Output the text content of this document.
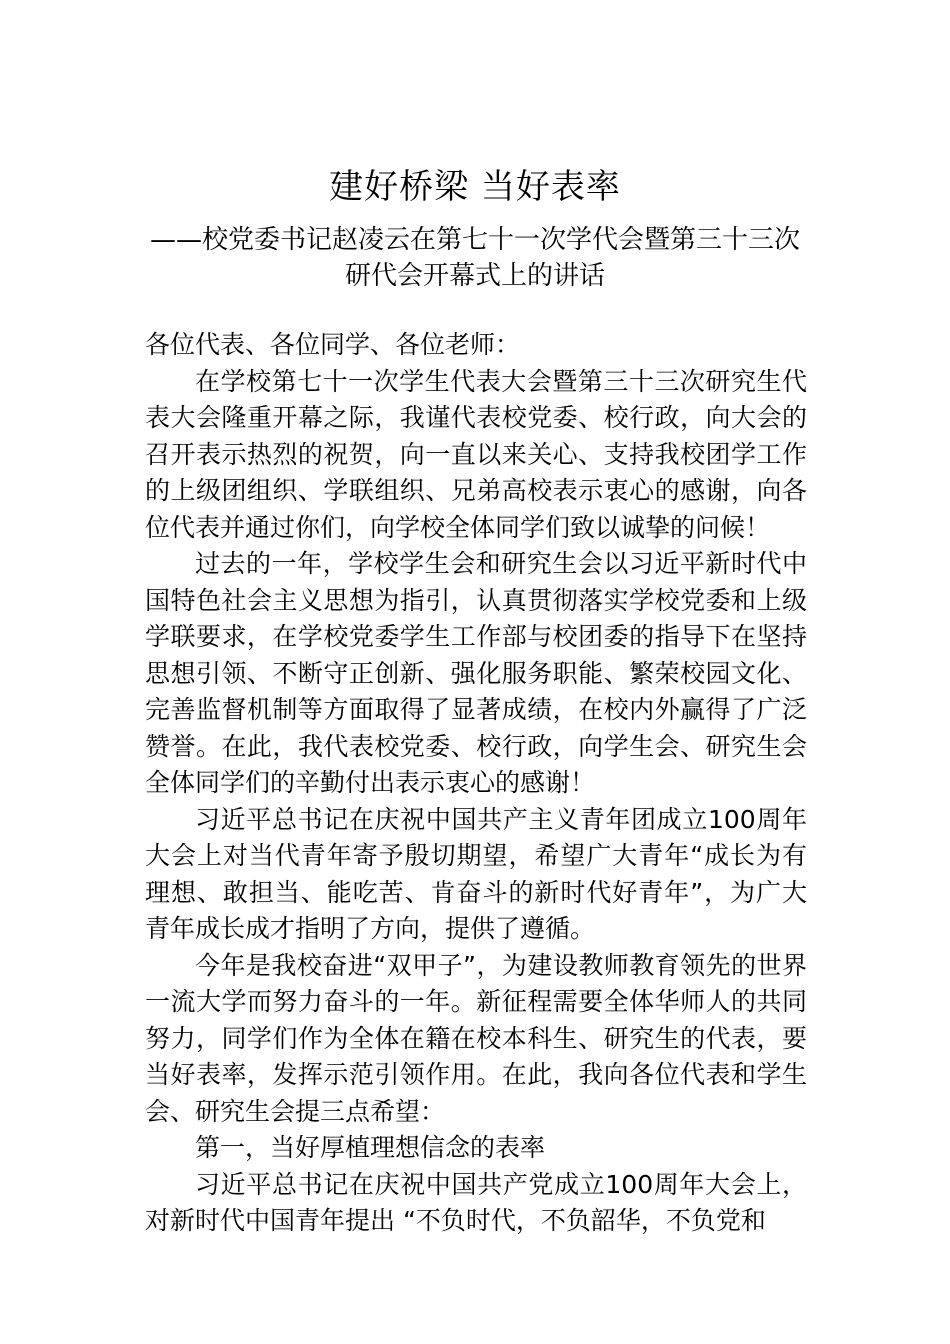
建好桥梁 当好表率
——校党委书记赵凌云在第七十一次学代会暨第三十三次
研代会开幕式上的讲话

各位代表、各位同学、各位老师：

在学校第七十一次学生代表大会暨第三十三次研究生代表大会隆重开幕之际，我谨代表校党委、校行政，向大会的召开表示热烈的祝贺，向一直以来关心、支持我校团学工作的上级团组织、学联组织、兄弟高校表示衷心的感谢，向各位代表并通过你们，向学校全体同学们致以诚挚的问候！

过去的一年，学校学生会和研究生会以习近平新时代中国特色社会主义思想为指引，认真贯彻落实学校党委和上级学联要求，在学校党委学生工作部与校团委的指导下在坚持思想引领、不断守正创新、强化服务职能、繁荣校园文化、完善监督机制等方面取得了显著成绩，在校内外赢得了广泛赞誉。在此，我代表校党委、校行政，向学生会、研究生会全体同学们的辛勤付出表示衷心的感谢！

习近平总书记在庆祝中国共产主义青年团成立100周年大会上对当代青年寄予殷切期望，希望广大青年“成长为有理想、敢担当、能吃苦、肯奋斗的新时代好青年”，为广大青年成长成才指明了方向，提供了遵循。

今年是我校奋进“双甲子”，为建设教师教育领先的世界一流大学而努力奋斗的一年。新征程需要全体华师人的共同努力，同学们作为全体在籍在校本科生、研究生的代表，要当好表率，发挥示范引领作用。在此，我向各位代表和学生会、研究生会提三点希望：

第一，当好厚植理想信念的表率

习近平总书记在庆祝中国共产党成立100周年大会上，对新时代中国青年提出 “不负时代，不负韶华，不负党和
